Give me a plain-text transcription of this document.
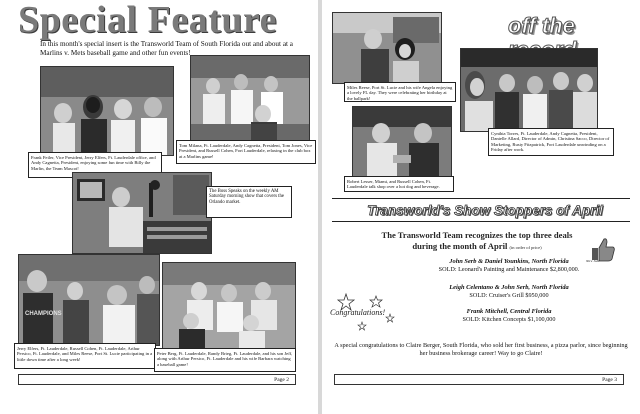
Special Feature

In this month's special insert is the Transworld Team of South Florida out and about at a Marlins v. Mets baseball game and other fun events!

Frank Feiler, Vice President, Jerry Elfers, Ft. Lauderdale office, and Andy Cagnetta, President, enjoying some fun time with Billy the Marlin, the Team Mascot!
Tom Milana, Ft. Lauderdale, Andy Cagnetta, President, Tom Jones, Vice President, and Russell Cohen, Fort Lauderdale, relaxing in the club box at a Marlins game!
The Boss Speaks on the weekly AM Saturday morning show that covers the Orlando market.
CHAMPIONS
Jerry Elfers, Ft. Lauderdale, Russell Cohen, Ft. Lauderdale, Arthur Persico, Ft. Lauderdale, and Miles Reese, Port St. Lucie participating in a little down time after a long week!
Peter Berg, Ft. Lauderdale, Randy Brieg, Ft. Lauderdale, and his son Jeff, along with Arthur Persico, Ft. Lauderdale and his wife Barbara watching a baseball game!
Page 2
off the
Miles Reese, Port St. Lucie and his wife Angela enjoying a lovely FL day. They were celebrating her birthday at the ballpark!
Cynthia Torres, Ft. Lauderdale, Andy Cagnetta, President, Danielle Allard, Director of Admin, Christina Sacco, Director of Marketing, Rusty Fitzpatrick, Fort Lauderdale unwinding on a Friday after work.
Robert Lesser, Miami, and Russell Cohen, Ft. Lauderdale talk shop over a hot dog and beverage.
Transworld's Show Stoppers of April

The Transworld Team recognizes the top three deals during the month of April (in order of price)

Nice Job!
John Serb & Daniel Younkins, North Florida
SOLD: Leonard's Painting and Maintenance $2,800,000.
Leigh Celentano & John Serb, North Florida
SOLD: Cruiser's Grill $950,000
Frank Mitchell, Central Florida
SOLD: Kitchen Concepts $1,100,000

Congratulations!

A special congratulations to Claire Berger, South Florida, who sold her first business, a pizza parlor, since beginning her business brokerage career! Way to go Claire!

Page 3
